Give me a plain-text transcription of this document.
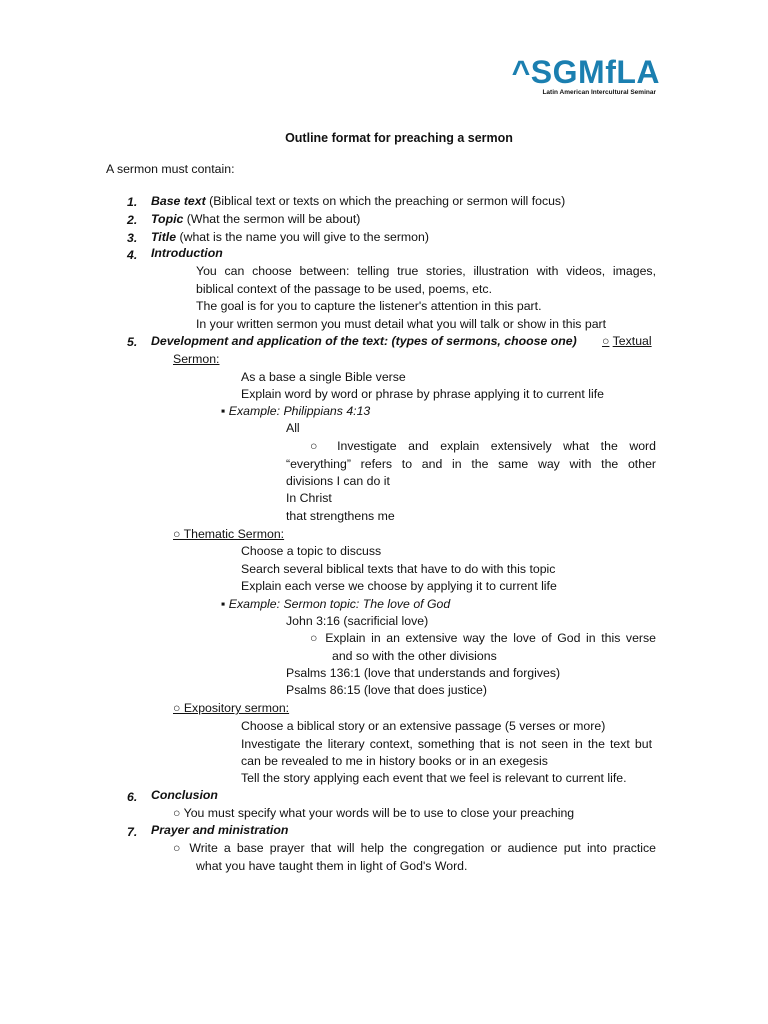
^SGMfLA
Latin American Intercultural Seminar
Outline format for preaching a sermon
A sermon must contain:
1. Base text (Biblical text or texts on which the preaching or sermon will focus)
2. Topic (What the sermon will be about)
3. Title (what is the name you will give to the sermon)
4. Introduction
You can choose between: telling true stories, illustration with videos, images,
biblical context of the passage to be used, poems, etc.
The goal is for you to capture the listener's attention in this part.
In your written sermon you must detail what you will talk or show in this part
5. Development and application of the text: (types of sermons, choose one) ○ Textual
Sermon:
As a base a single Bible verse
Explain word by word or phrase by phrase applying it to current life
▪ Example: Philippians 4:13
All
○ Investigate and explain extensively what the word
“everything” refers to and in the same way with the other
divisions I can do it
In Christ
that strengthens me
○ Thematic Sermon:
Choose a topic to discuss
Search several biblical texts that have to do with this topic
Explain each verse we choose by applying it to current life
▪ Example: Sermon topic: The love of God
John 3:16 (sacrificial love)
○ Explain in an extensive way the love of God in this verse
and so with the other divisions
Psalms 136:1 (love that understands and forgives)
Psalms 86:15 (love that does justice)
○ Expository sermon:
Choose a biblical story or an extensive passage (5 verses or more)
Investigate the literary context, something that is not seen in the text but
can be revealed to me in history books or in an exegesis
Tell the story applying each event that we feel is relevant to current life.
6. Conclusion
○ You must specify what your words will be to use to close your preaching
7. Prayer and ministration
○ Write a base prayer that will help the congregation or audience put into practice
what you have taught them in light of God's Word.
